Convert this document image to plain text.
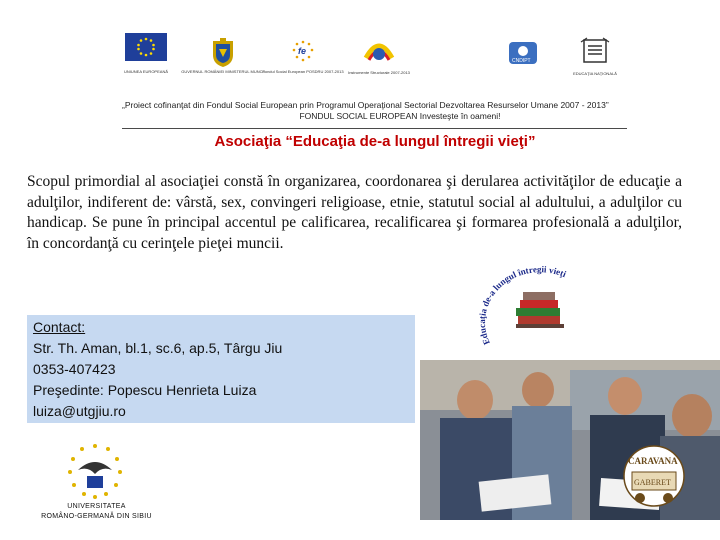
UNIUNEA EUROPEANĂ	GUVERNUL ROMÂNIEI MINISTERUL MUNCII
fe
Fondul Social European POSDRU 2007-2013	Instrumente Structurale 2007-2013
CNDIPT
EDUCAŢIA NAŢIONALĂ
„Proiect cofinanţat din Fondul Social European prin Programul Operaţional Sectorial Dezvoltarea Resurselor Umane 2007 - 2013”
FONDUL SOCIAL EUROPEAN Investeşte în oameni!
Asociaţia “Educaţia de-a lungul întregii vieţi”
Scopul primordial al asociaţiei constă în organizarea, coordonarea şi derularea activităţilor de educaţie a adulţilor, indiferent de: vârstă, sex, convingeri religioase, etnie, statutul social al adultului, a adulţilor cu handicap. Se pune în principal accentul pe calificarea, recalificarea şi formarea profesională a adulţilor, în concordanţă cu cerinţele pieţei muncii.
Educaţia de-a lungul întregii vieţi
Contact:
Str. Th. Aman, bl.1, sc.6, ap.5, Târgu Jiu
0353-407423
Preşedinte: Popescu Henrieta Luiza
luiza@utgjiu.ro
UNIVERSITATEA
ROMÂNO-GERMANĂ DIN SIBIU
CARAVANA
GABERET
